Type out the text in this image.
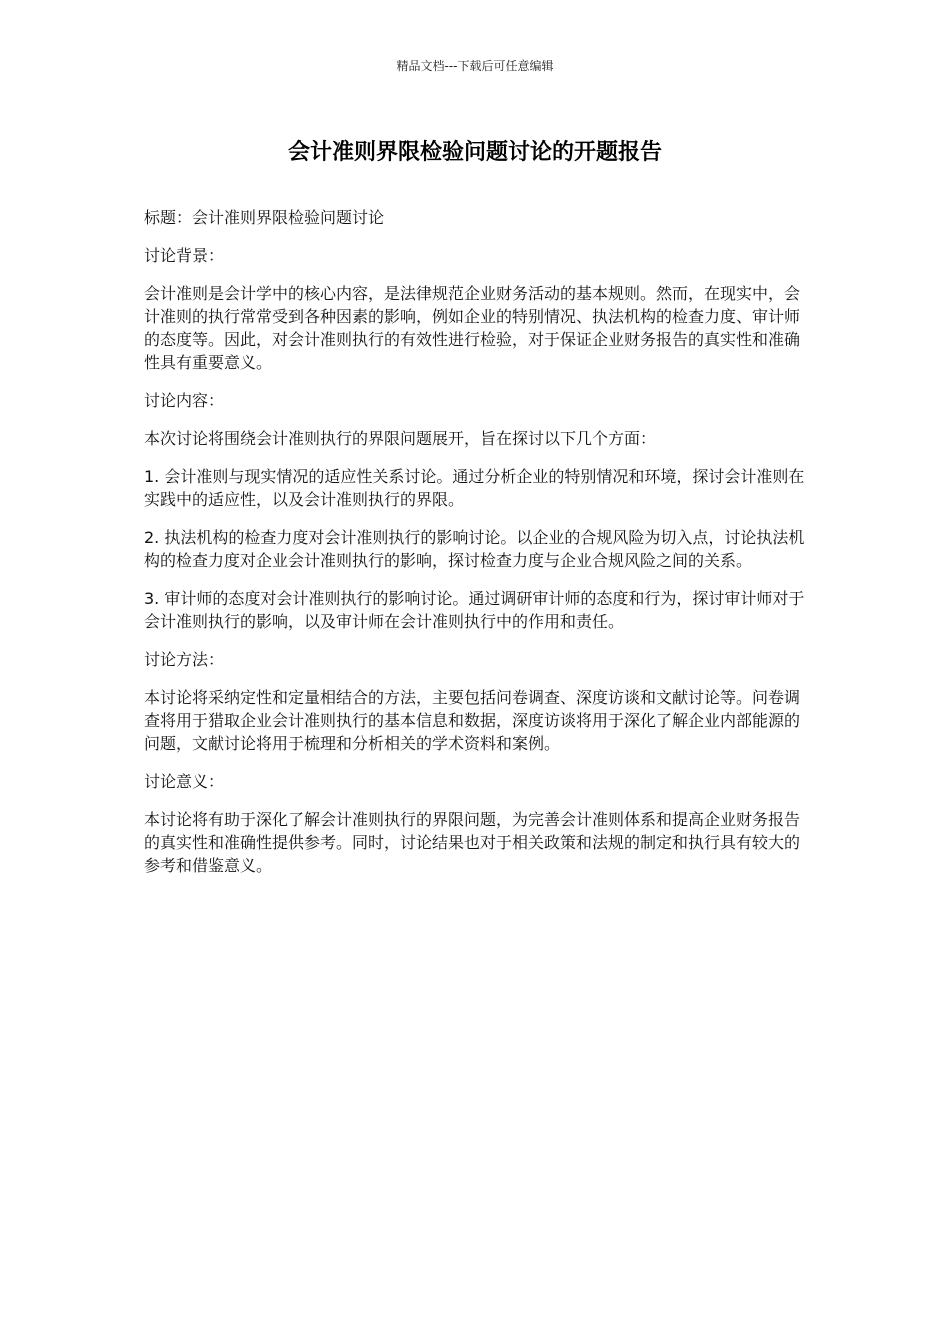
精品文档---下载后可任意编辑
会计准则界限检验问题讨论的开题报告

标题：会计准则界限检验问题讨论

讨论背景：

会计准则是会计学中的核心内容，是法律规范企业财务活动的基本规则。然而，在现实中，会计准则的执行常常受到各种因素的影响，例如企业的特别情况、执法机构的检查力度、审计师的态度等。因此，对会计准则执行的有效性进行检验，对于保证企业财务报告的真实性和准确性具有重要意义。

讨论内容：

本次讨论将围绕会计准则执行的界限问题展开，旨在探讨以下几个方面：

1. 会计准则与现实情况的适应性关系讨论。通过分析企业的特别情况和环境，探讨会计准则在实践中的适应性，以及会计准则执行的界限。

2. 执法机构的检查力度对会计准则执行的影响讨论。以企业的合规风险为切入点，讨论执法机构的检查力度对企业会计准则执行的影响，探讨检查力度与企业合规风险之间的关系。

3. 审计师的态度对会计准则执行的影响讨论。通过调研审计师的态度和行为，探讨审计师对于会计准则执行的影响，以及审计师在会计准则执行中的作用和责任。

讨论方法：

本讨论将采纳定性和定量相结合的方法，主要包括问卷调查、深度访谈和文献讨论等。问卷调查将用于猎取企业会计准则执行的基本信息和数据，深度访谈将用于深化了解企业内部能源的问题，文献讨论将用于梳理和分析相关的学术资料和案例。

讨论意义：

本讨论将有助于深化了解会计准则执行的界限问题，为完善会计准则体系和提高企业财务报告的真实性和准确性提供参考。同时，讨论结果也对于相关政策和法规的制定和执行具有较大的参考和借鉴意义。
